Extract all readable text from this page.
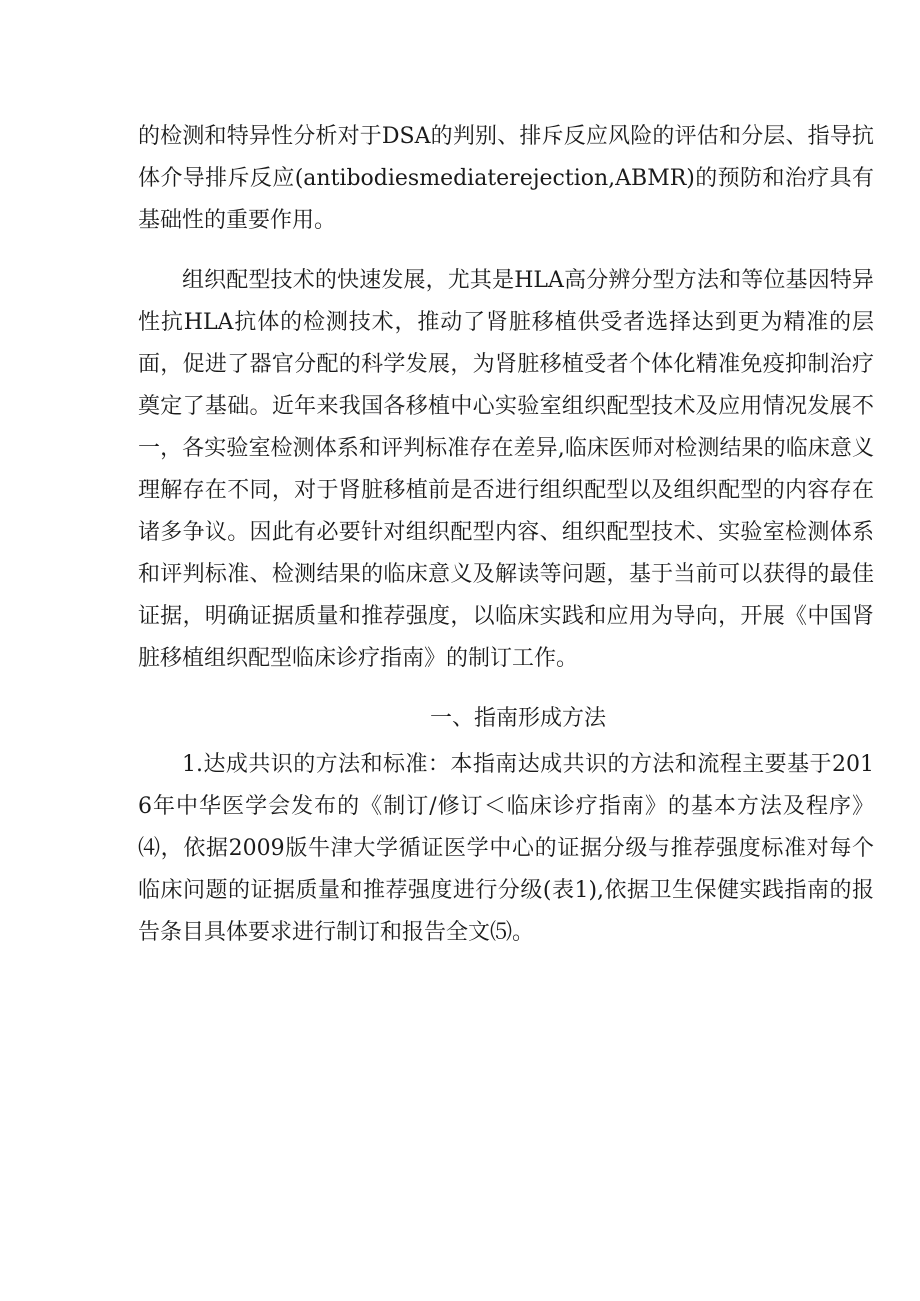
的检测和特异性分析对于DSA的判别、排斥反应风险的评估和分层、指导抗体介导排斥反应(antibodiesmediaterejection,ABMR)的预防和治疗具有基础性的重要作用。

组织配型技术的快速发展，尤其是HLA高分辨分型方法和等位基因特异性抗HLA抗体的检测技术，推动了肾脏移植供受者选择达到更为精准的层面，促进了器官分配的科学发展，为肾脏移植受者个体化精准免疫抑制治疗奠定了基础。近年来我国各移植中心实验室组织配型技术及应用情况发展不一，各实验室检测体系和评判标准存在差异,临床医师对检测结果的临床意义理解存在不同，对于肾脏移植前是否进行组织配型以及组织配型的内容存在诸多争议。因此有必要针对组织配型内容、组织配型技术、实验室检测体系和评判标准、检测结果的临床意义及解读等问题，基于当前可以获得的最佳证据，明确证据质量和推荐强度，以临床实践和应用为导向，开展《中国肾脏移植组织配型临床诊疗指南》的制订工作。

一、指南形成方法

1.达成共识的方法和标准：本指南达成共识的方法和流程主要基于2016年中华医学会发布的《制订/修订＜临床诊疗指南》的基本方法及程序》⑷，依据2009版牛津大学循证医学中心的证据分级与推荐强度标准对每个临床问题的证据质量和推荐强度进行分级(表1),依据卫生保健实践指南的报告条目具体要求进行制订和报告全文⑸。
